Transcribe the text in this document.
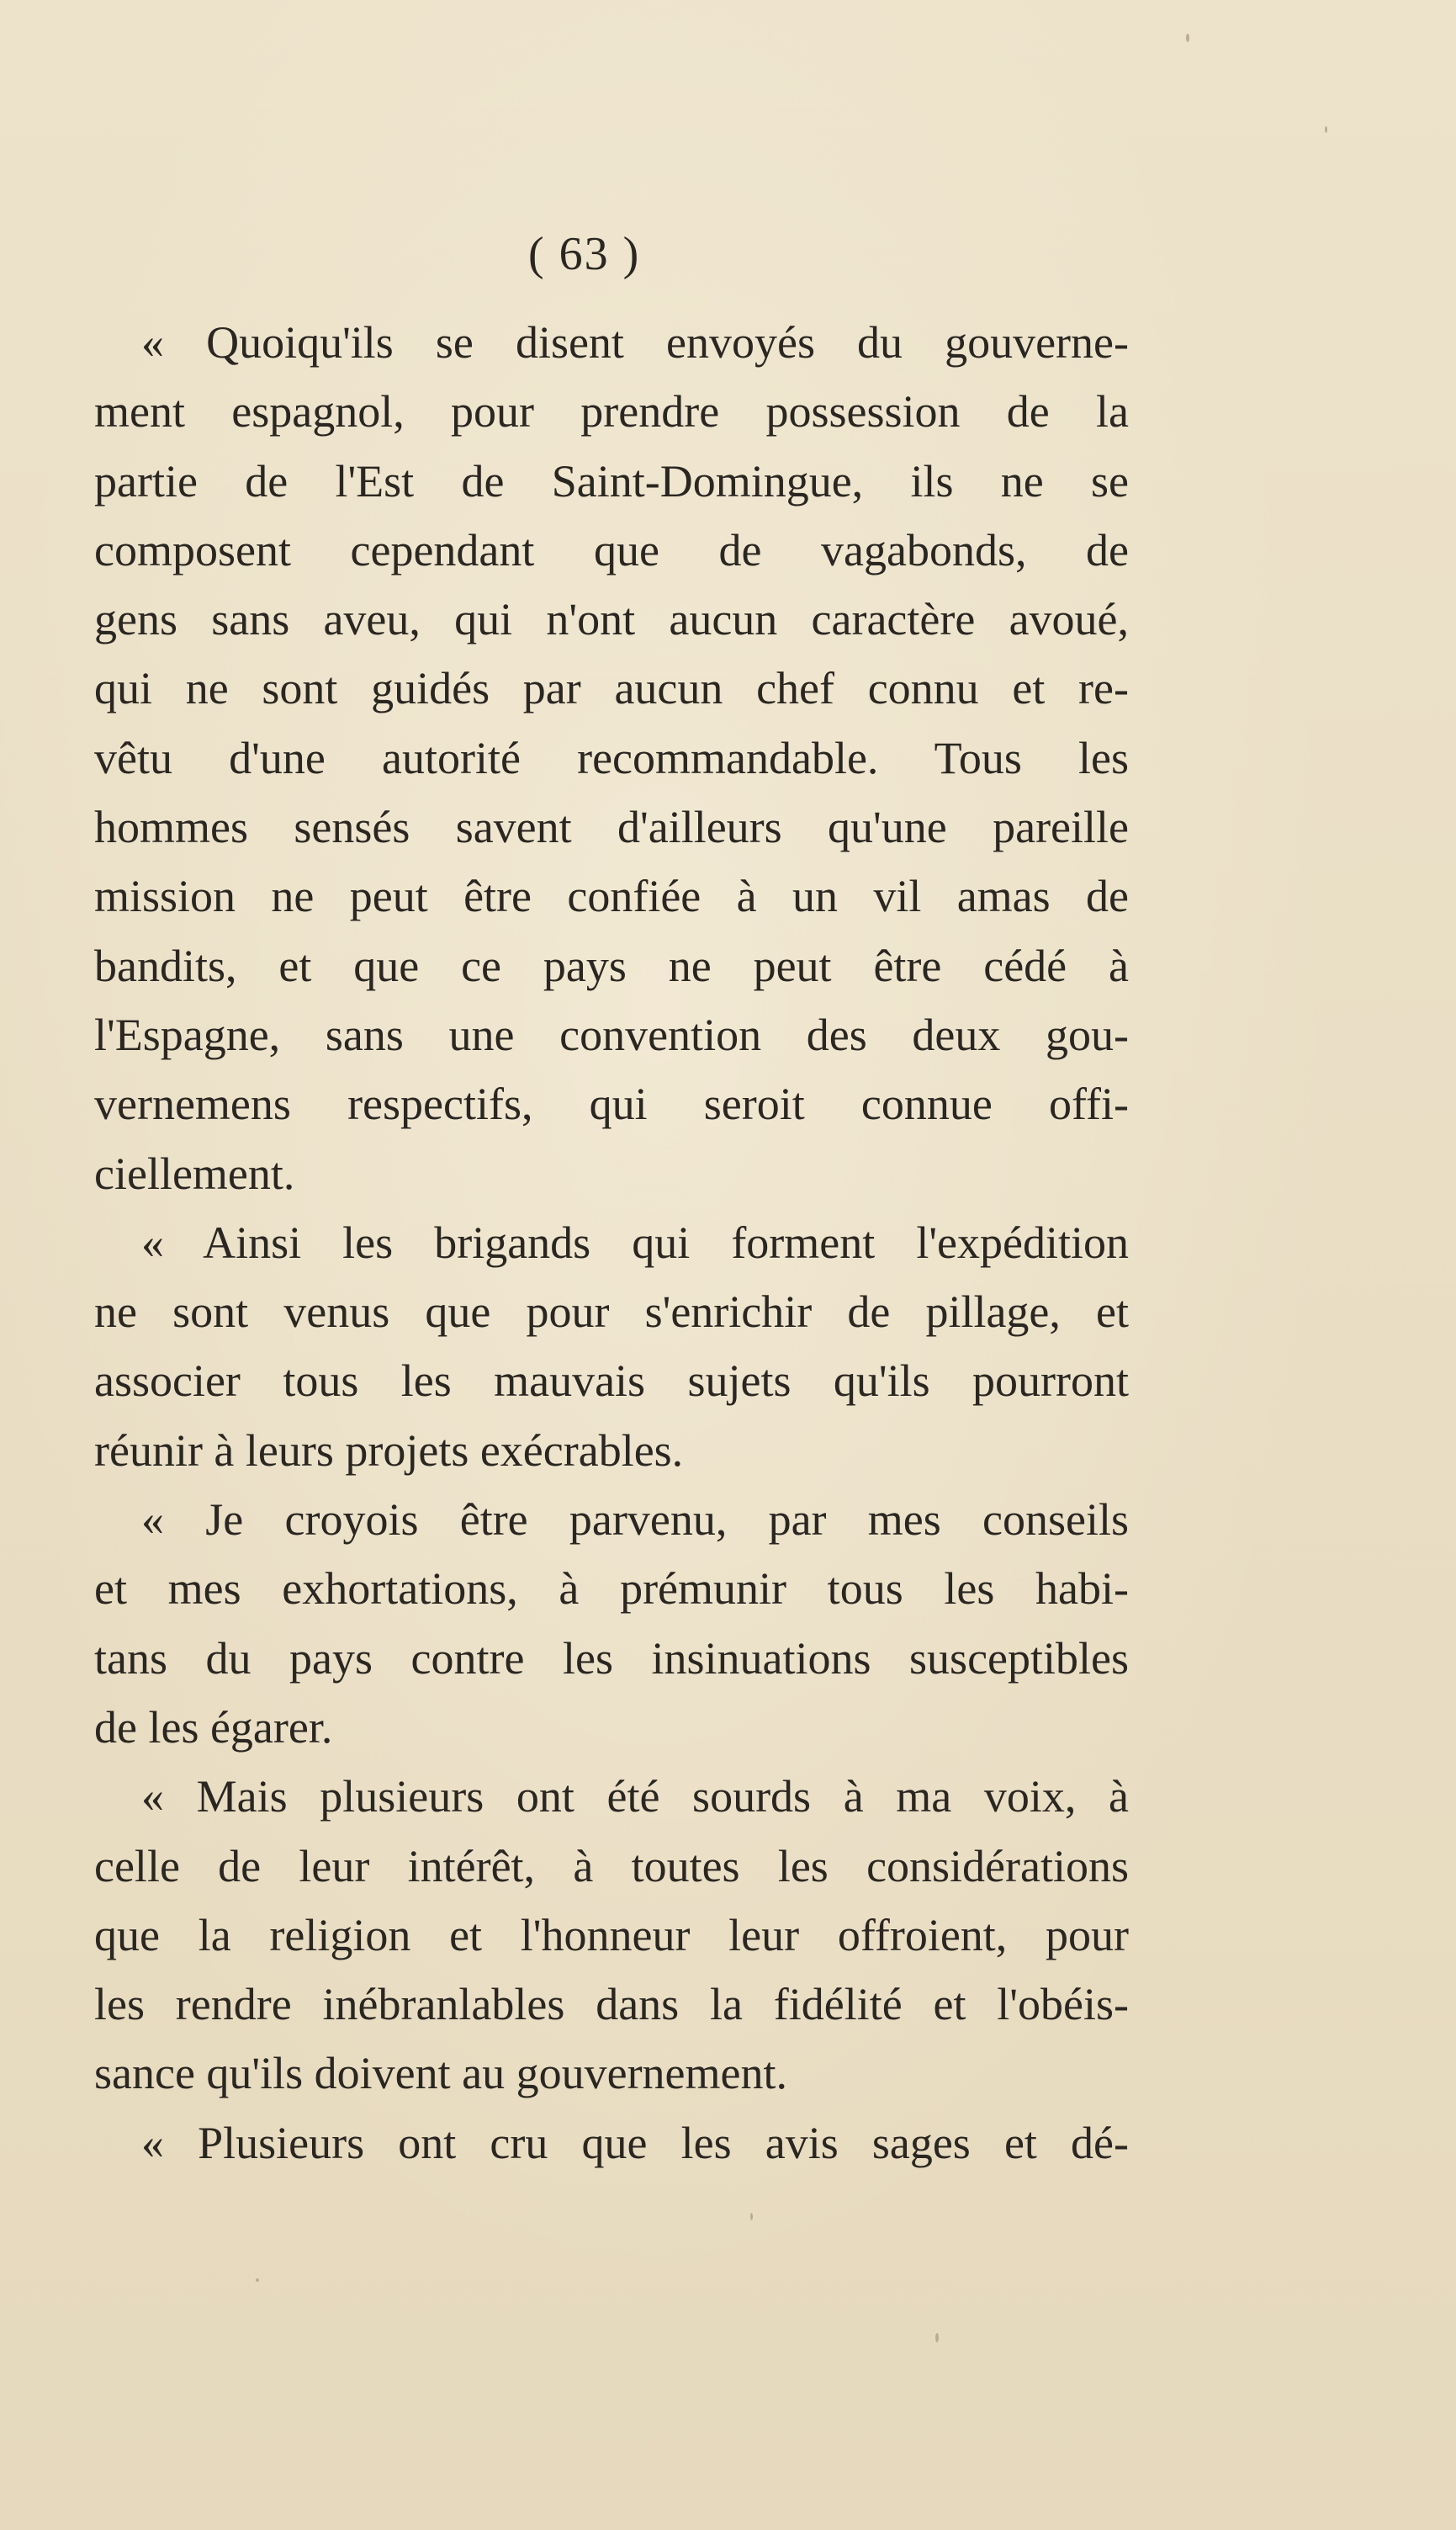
( 63 )
« Quoiqu'ils se disent envoyés du gouverne-
ment espagnol, pour prendre possession de la
partie de l'Est de Saint-Domingue, ils ne se
composent cependant que de vagabonds, de
gens sans aveu, qui n'ont aucun caractère avoué,
qui ne sont guidés par aucun chef connu et re-
vêtu d'une autorité recommandable. Tous les
hommes sensés savent d'ailleurs qu'une pareille
mission ne peut être confiée à un vil amas de
bandits, et que ce pays ne peut être cédé à
l'Espagne, sans une convention des deux gou-
vernemens respectifs, qui seroit connue offi-
ciellement.
« Ainsi les brigands qui forment l'expédition
ne sont venus que pour s'enrichir de pillage, et
associer tous les mauvais sujets qu'ils pourront
réunir à leurs projets exécrables.
« Je croyois être parvenu, par mes conseils
et mes exhortations, à prémunir tous les habi-
tans du pays contre les insinuations susceptibles
de les égarer.
« Mais plusieurs ont été sourds à ma voix, à
celle de leur intérêt, à toutes les considérations
que la religion et l'honneur leur offroient, pour
les rendre inébranlables dans la fidélité et l'obéis-
sance qu'ils doivent au gouvernement.
« Plusieurs ont cru que les avis sages et dé-
